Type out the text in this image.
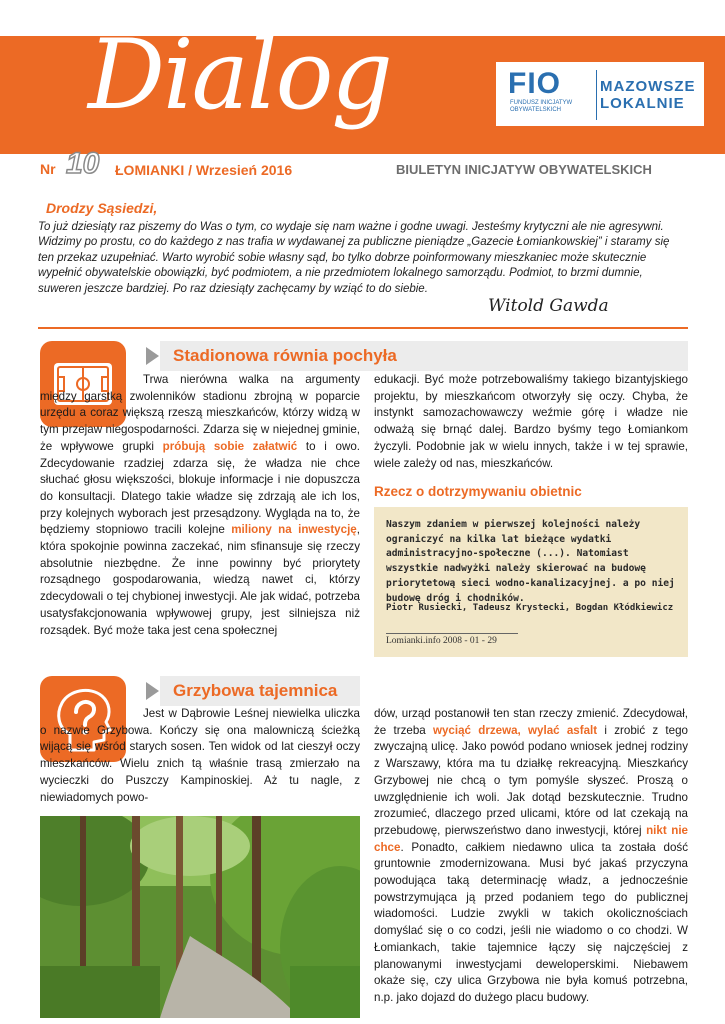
Dialog	FIO
FUNDUSZ INICJATYW OBYWATELSKICH
MAZOWSZE
LOKALNIE
Nr 10 ŁOMIANKI / Wrzesień 2016	BIULETYN INICJATYW OBYWATELSKICH
Drodzy Sąsiedzi,

To już dziesiąty raz piszemy do Was o tym, co wydaje się nam ważne i godne uwagi. Jesteśmy krytyczni ale nie agresywni. Widzimy po prostu, co do każdego z nas trafia w wydawanej za publiczne pieniądze „Gazecie Łomiankowskiej” i staramy się ten przekaz uzupełniać. Warto wyrobić sobie własny sąd, bo tylko dobrze poinformowany mieszkaniec może skutecznie wypełnić obywatelskie obowiązki, być podmiotem, a nie przedmiotem lokalnego samorządu. Podmiot, to brzmi dumnie, suweren jeszcze bardziej. Po raz dziesiąty zachęcamy by wziąć to do siebie.

Witold Gawda
Stadionowa równia pochyła

Trwa nierówna walka na argumenty między garstką zwolenników stadionu zbrojną w poparcie urzędu a coraz większą rzeszą mieszkańców, którzy widzą w tym przejaw niegospodarności. Zdarza się w niejednej gminie, że wpływowe grupki próbują sobie załatwić to i owo. Zdecydowanie rzadziej zdarza się, że władza nie chce słuchać głosu większości, blokuje informacje i nie dopuszcza do konsultacji. Dlatego takie władze się zdrzają ale ich los, przy kolejnych wyborach jest przesądzony. Wygląda na to, że będziemy stopniowo tracili kolejne miliony na inwestycję, która spokojnie powinna zaczekać, nim sfinansuje się rzeczy absolutnie niezbędne. Że inne powinny być priorytety rozsądnego gospodarowania, wiedzą nawet ci, którzy zdecydowali o tej chybionej inwestycji. Ale jak widać, potrzeba usatysfakcjonowania wpływowej grupy, jest silniejsza niż rozsądek. Być może taka jest cena społecznej

edukacji. Być może potrzebowaliśmy takiego bizantyjskiego projektu, by mieszkańcom otworzyły się oczy. Chyba, że instynkt samozachowawczy weźmie górę i władze nie odważą się brnąć dalej. Bardzo byśmy tego Łomiankom życzyli. Podobnie jak w wielu innych, także i w tej sprawie, wiele zależy od nas, mieszkańców.

Rzecz o dotrzymywaniu obietnic

Naszym zdaniem w pierwszej kolejności należy ograniczyć na kilka lat bieżące wydatki administracyjno-społeczne (...). Natomiast wszystkie nadwyżki należy skierować na budowę priorytetową sieci wodno-kanalizacyjnej. a po niej budowę dróg i chodników.

Piotr Rusiecki, Tadeusz Krystecki, Bogdan Kłódkiewicz
Lomianki.info 2008 - 01 - 29
Grzybowa tajemnica

Jest w Dąbrowie Leśnej niewielka uliczka o nazwie Grzybowa. Kończy się ona malowniczą ścieżką wijącą się wśród starych sosen. Ten widok od lat cieszył oczy mieszkańców. Wielu znich tą właśnie trasą zmierzało na wycieczki do Puszczy Kampinoskiej. Aż tu nagle, z niewiadomych powo-

dów, urząd postanowił ten stan rzeczy zmienić. Zdecydował, że trzeba wyciąć drzewa, wylać asfalt i zrobić z tego zwyczajną ulicę. Jako powód podano wniosek jednej rodziny z Warszawy, która ma tu działkę rekreacyjną. Mieszkańcy Grzybowej nie chcą o tym pomyśle słyszeć. Proszą o uwzględnienie ich woli. Jak dotąd bezskutecznie. Trudno zrozumieć, dlaczego przed ulicami, które od lat czekają na przebudowę, pierwszeństwo dano inwestycji, której nikt nie chce. Ponadto, całkiem niedawno ulica ta została dość gruntownie zmodernizowana. Musi być jakaś przyczyna powodująca taką determinację władz, a jednocześnie powstrzymująca ją przed podaniem tego do publicznej wiadomości. Ludzie zwykli w takich okolicznościach domyślać się o co codzi, jeśli nie wiadomo o co chodzi. W Łomiankach, takie tajemnice łączy się najczęściej z planowanymi inwestycjami deweloperskimi. Niebawem okaże się, czy ulica Grzybowa nie była komuś potrzebna, n.p. jako dojazd do dużego placu budowy.
